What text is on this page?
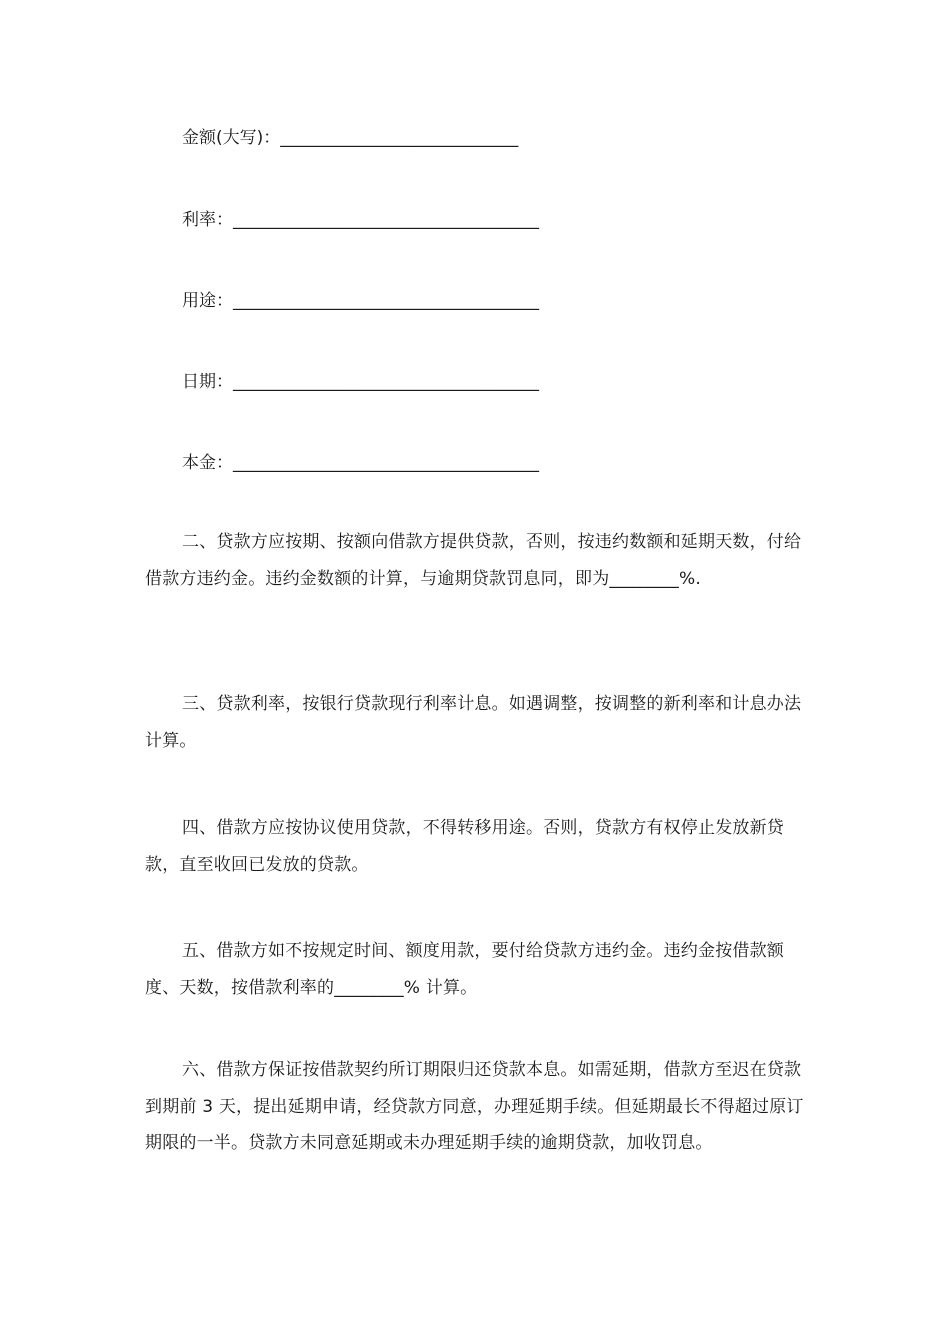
金额(大写)：____________________________
利率：____________________________________
用途：____________________________________
日期：____________________________________
本金：____________________________________
二、贷款方应按期、按额向借款方提供贷款，否则，按违约数额和延期天数，付给借款方违约金。违约金数额的计算，与逾期贷款罚息同，即为________%.
三、贷款利率，按银行贷款现行利率计息。如遇调整，按调整的新利率和计息办法计算。
四、借款方应按协议使用贷款，不得转移用途。否则，贷款方有权停止发放新贷款，直至收回已发放的贷款。
五、借款方如不按规定时间、额度用款，要付给贷款方违约金。违约金按借款额度、天数，按借款利率的________% 计算。
六、借款方保证按借款契约所订期限归还贷款本息。如需延期，借款方至迟在贷款到期前 3 天，提出延期申请，经贷款方同意，办理延期手续。但延期最长不得超过原订期限的一半。贷款方未同意延期或未办理延期手续的逾期贷款，加收罚息。
